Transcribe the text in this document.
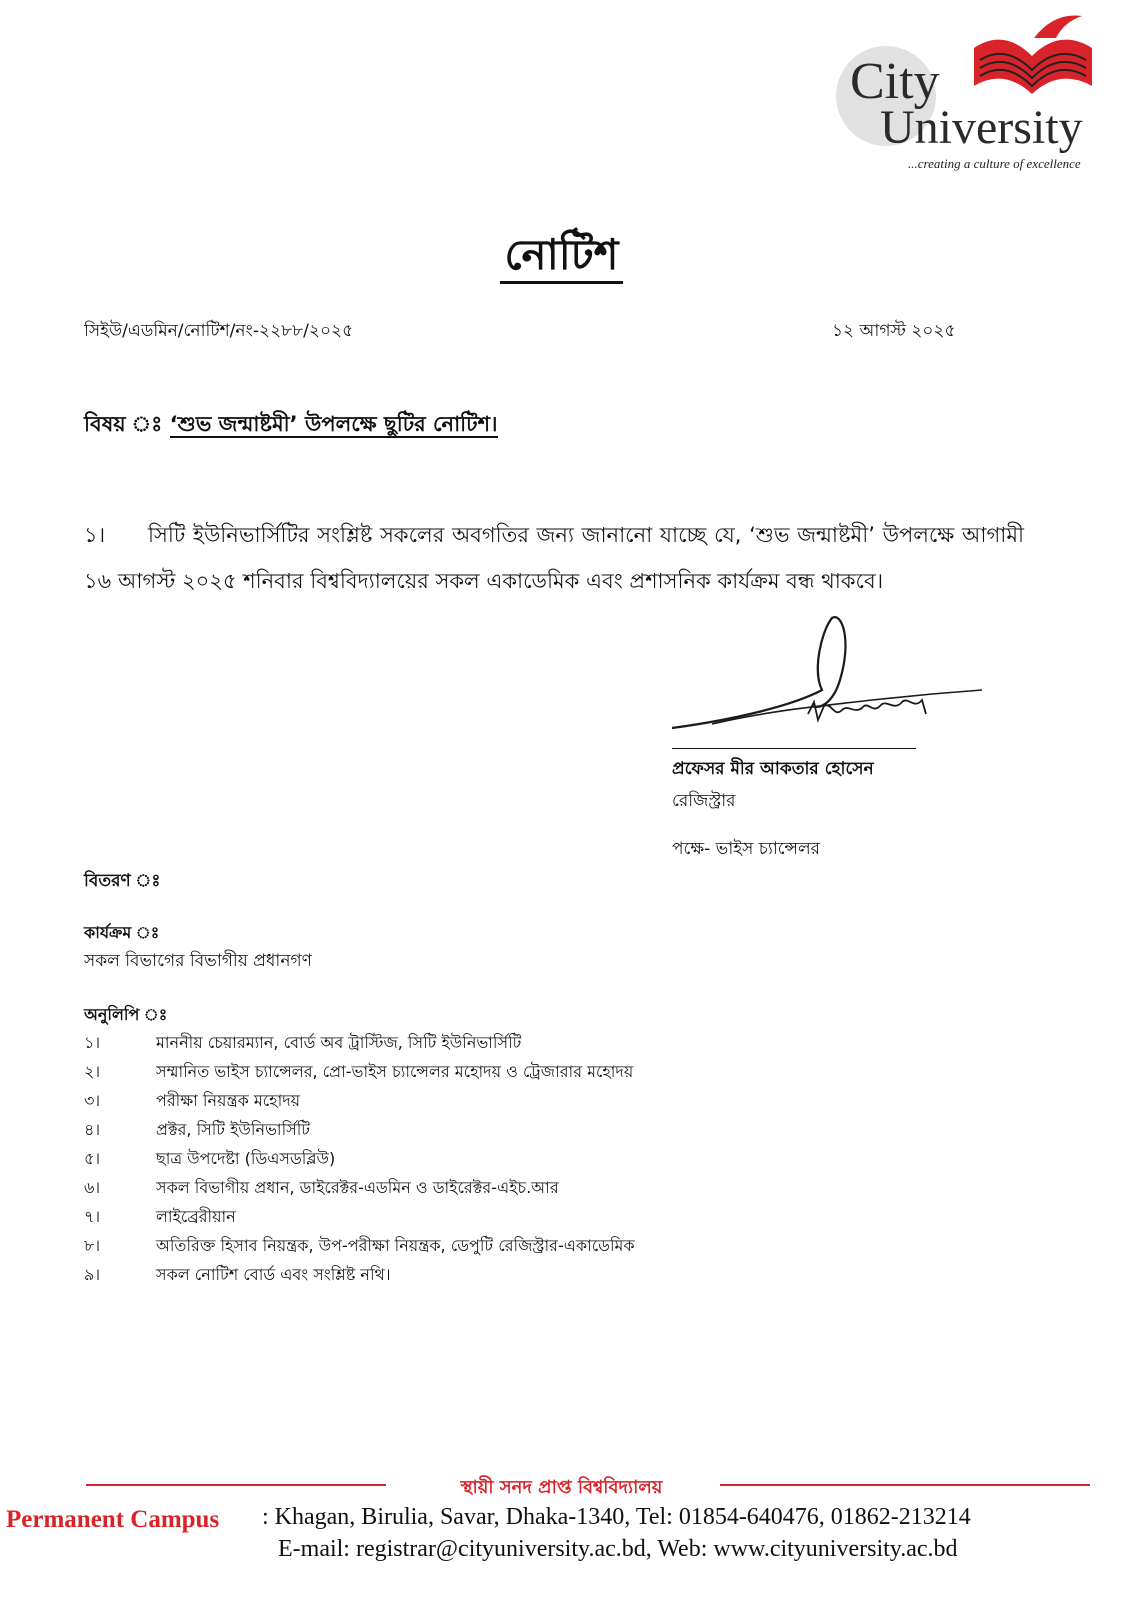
City
University
...creating a culture of excellence
নোটিশ
সিইউ/এডমিন/নোটিশ/নং-২২৮৮/২০২৫	১২ আগস্ট ২০২৫
বিষয় ঃ ‘শুভ জন্মাষ্টমী’ উপলক্ষে ছুটির নোটিশ।
১। সিটি ইউনিভার্সিটির সংশ্লিষ্ট সকলের অবগতির জন্য জানানো যাচ্ছে যে, ‘শুভ জন্মাষ্টমী’ উপলক্ষে আগামী ১৬ আগস্ট ২০২৫ শনিবার বিশ্ববিদ্যালয়ের সকল একাডেমিক এবং প্রশাসনিক কার্যক্রম বন্ধ থাকবে।
প্রফেসর মীর আকতার হোসেন
রেজিস্ট্রার
পক্ষে- ভাইস চ্যান্সেলর
বিতরণ ঃ
কার্যক্রম ঃ
সকল বিভাগের বিভাগীয় প্রধানগণ
অনুলিপি ঃ
১।	মাননীয় চেয়ারম্যান, বোর্ড অব ট্রাস্টিজ, সিটি ইউনিভার্সিটি
২।	সম্মানিত ভাইস চ্যান্সেলর, প্রো-ভাইস চ্যান্সেলর মহোদয় ও ট্রেজারার মহোদয়
৩।	পরীক্ষা নিয়ন্ত্রক মহোদয়
৪।	প্রক্টর, সিটি ইউনিভার্সিটি
৫।	ছাত্র উপদেষ্টা (ডিএসডব্লিউ)
৬।	সকল বিভাগীয় প্রধান, ডাইরেক্টর-এডমিন ও ডাইরেক্টর-এইচ.আর
৭।	লাইব্রেরীয়ান
৮।	অতিরিক্ত হিসাব নিয়ন্ত্রক, উপ-পরীক্ষা নিয়ন্ত্রক, ডেপুটি রেজিস্ট্রার-একাডেমিক
৯।	সকল নোটিশ বোর্ড এবং সংশ্লিষ্ট নথি।
স্থায়ী সনদ প্রাপ্ত বিশ্ববিদ্যালয়
Permanent Campus : Khagan, Birulia, Savar, Dhaka-1340, Tel: 01854-640476, 01862-213214
E-mail: registrar@cityuniversity.ac.bd, Web: www.cityuniversity.ac.bd
